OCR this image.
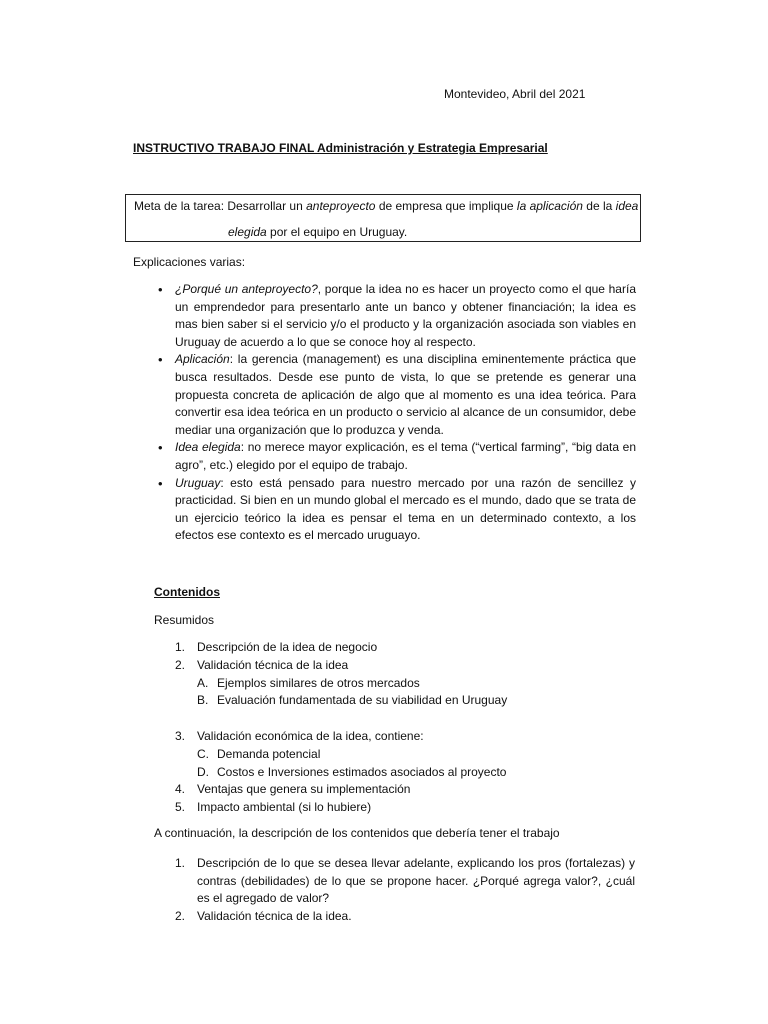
Montevideo, Abril del 2021
INSTRUCTIVO TRABAJO FINAL Administración y Estrategia Empresarial
Meta de la tarea: Desarrollar un anteproyecto de empresa que implique la aplicación de la idea
elegida por el equipo en Uruguay.
Explicaciones varias:
• ¿Porqué un anteproyecto?, porque la idea no es hacer un proyecto como el que haría un emprendedor para presentarlo ante un banco y obtener financiación; la idea es mas bien saber si el servicio y/o el producto y la organización asociada son viables en Uruguay de acuerdo a lo que se conoce hoy al respecto.
• Aplicación: la gerencia (management) es una disciplina eminentemente práctica que busca resultados. Desde ese punto de vista, lo que se pretende es generar una propuesta concreta de aplicación de algo que al momento es una idea teórica. Para convertir esa idea teórica en un producto o servicio al alcance de un consumidor, debe mediar una organización que lo produzca y venda.
• Idea elegida: no merece mayor explicación, es el tema (“vertical farming”, “big data en agro”, etc.) elegido por el equipo de trabajo.
• Uruguay: esto está pensado para nuestro mercado por una razón de sencillez y practicidad. Si bien en un mundo global el mercado es el mundo, dado que se trata de un ejercicio teórico la idea es pensar el tema en un determinado contexto, a los efectos ese contexto es el mercado uruguayo.
Contenidos
Resumidos
1. Descripción de la idea de negocio
2. Validación técnica de la idea
A. Ejemplos similares de otros mercados
B. Evaluación fundamentada de su viabilidad en Uruguay
3. Validación económica de la idea, contiene:
C. Demanda potencial
D. Costos e Inversiones estimados asociados al proyecto
4. Ventajas que genera su implementación
5. Impacto ambiental (si lo hubiere)
A continuación, la descripción de los contenidos que debería tener el trabajo
1. Descripción de lo que se desea llevar adelante, explicando los pros (fortalezas) y contras (debilidades) de lo que se propone hacer. ¿Porqué agrega valor?, ¿cuál es el agregado de valor?
2. Validación técnica de la idea.
